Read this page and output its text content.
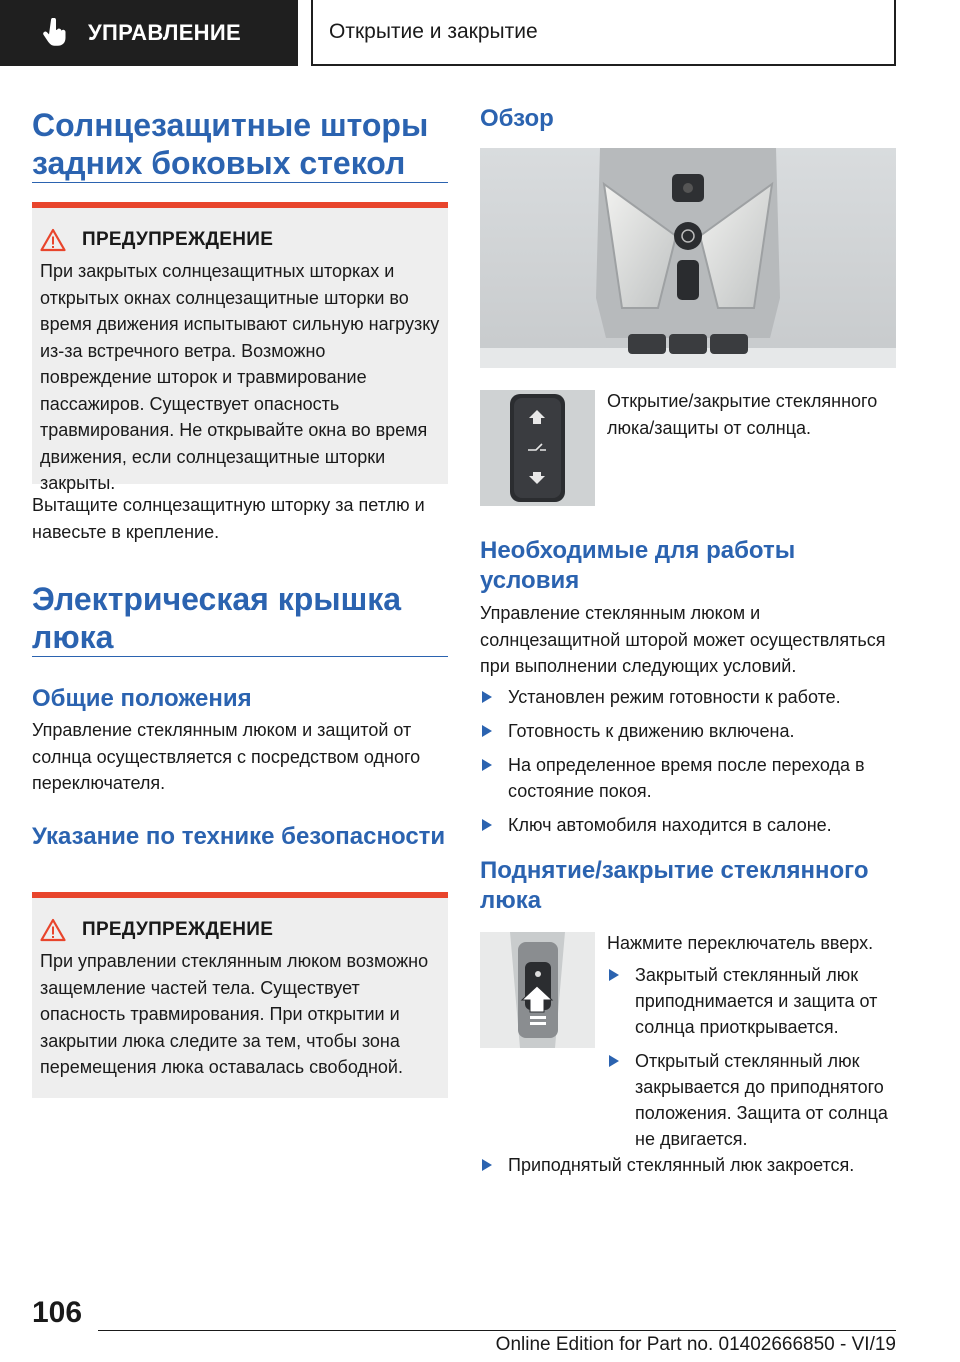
УПРАВЛЕНИЕ	Открытие и закрытие
Солнцезащитные шторы задних боковых стекол
ПРЕДУПРЕЖДЕНИЕ
При закрытых солнцезащитных шторках и открытых окнах солнцезащитные шторки во время движения испытывают сильную нагрузку из-за встречного ветра. Возможно повреждение шторок и травмирование пассажиров. Существует опасность травмирования. Не открывайте окна во время движения, если солнцезащитные шторки закрыты.
Вытащите солнцезащитную шторку за петлю и навесьте в крепление.
Электрическая крышка люка
Общие положения
Управление стеклянным люком и защитой от солнца осуществляется с посредством одного переключателя.
Указание по технике безопасности
ПРЕДУПРЕЖДЕНИЕ
При управлении стеклянным люком возможно защемление частей тела. Существует опасность травмирования. При открытии и закрытии люка следите за тем, чтобы зона перемещения люка оставалась свободной.
Обзор
Открытие/закрытие стеклянного люка/защиты от солнца.
Необходимые для работы условия
Управление стеклянным люком и солнцезащитной шторой может осуществляться при выполнении следующих условий.
Установлен режим готовности к работе.
Готовность к движению включена.
На определенное время после перехода в состояние покоя.
Ключ автомобиля находится в салоне.
Поднятие/закрытие стеклянного люка
Нажмите переключатель вверх.
Закрытый стеклянный люк приподнимается и защита от солнца приоткрывается.
Открытый стеклянный люк закрывается до приподнятого положения. Защита от солнца не двигается.
Приподнятый стеклянный люк закроется.
106
Online Edition for Part no. 01402666850 - VI/19
